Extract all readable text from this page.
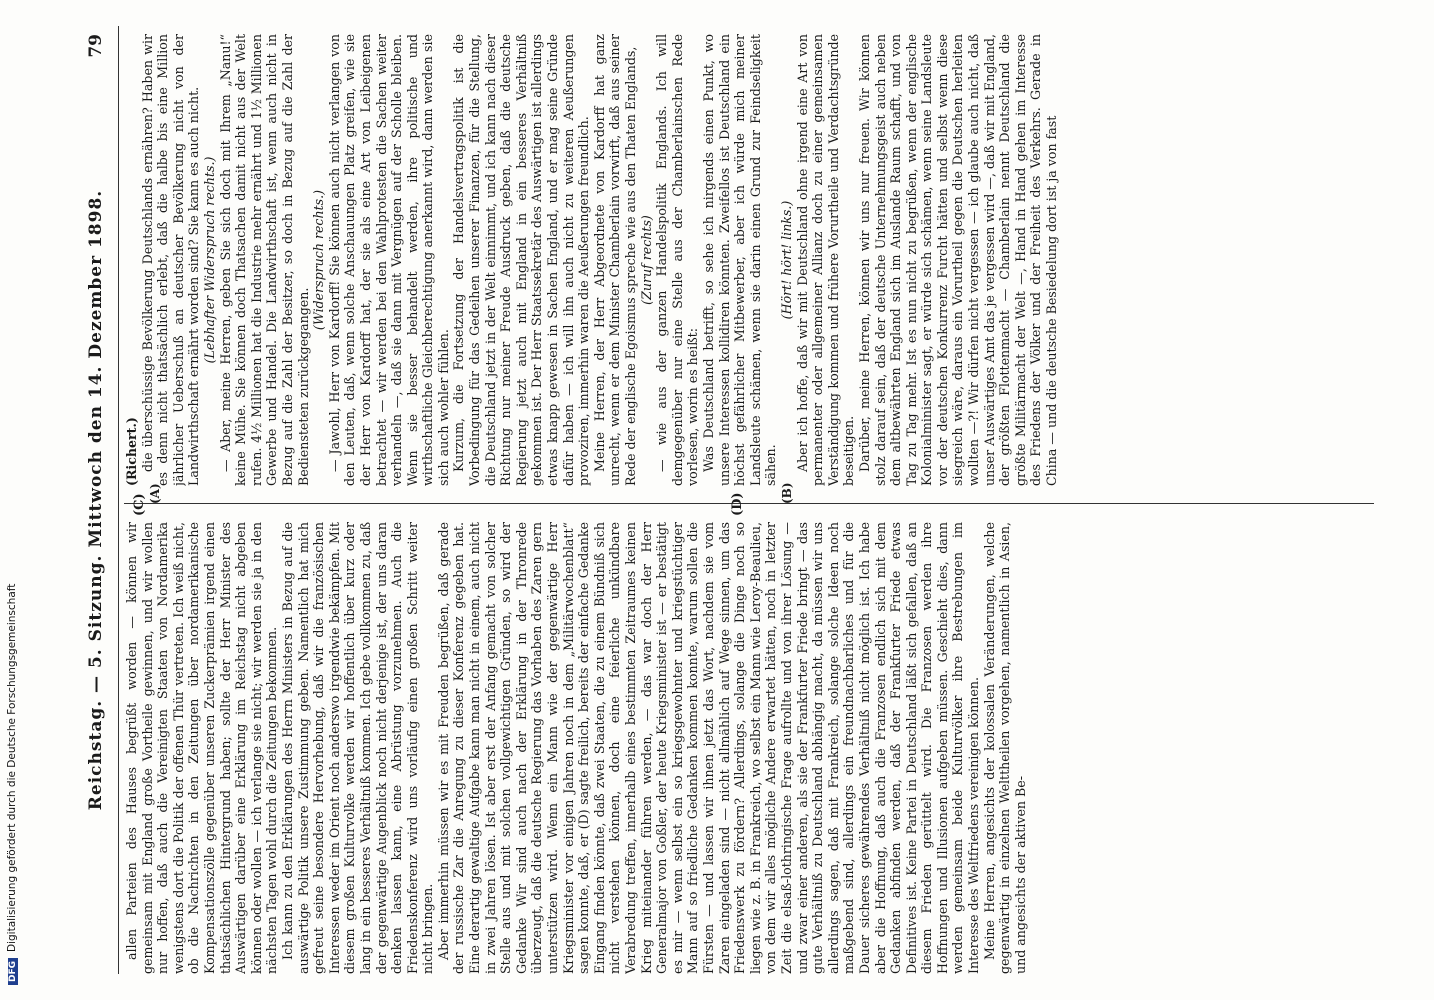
Reichstag. — 5. Sitzung. Mittwoch den 14. Dezember 1898.
79
(C)	(D)

allen Parteien des Hauses begrüßt worden — können wir gemeinsam mit England große Vortheile gewinnen, und wir wollen nur hoffen, daß auch die Vereinigten Staaten von Nordamerika wenigstens dort die Politik der offenen Thür vertreten. Ich weiß nicht, ob die Nachrichten in den Zeitungen über nordamerikanische Kompensationszölle gegenüber unseren Zuckerprämien irgend einen thatsächlichen Hintergrund haben; sollte der Herr Minister des Auswärtigen darüber eine Erklärung im Reichstag nicht abgeben können oder wollen — ich verlange sie nicht; wir werden sie ja in den nächsten Tagen wohl durch die Zeitungen bekommen. Ich kann zu den Erklärungen des Herrn Ministers in Bezug auf die auswärtige Politik unsere Zustimmung geben. Namentlich hat mich gefreut seine besondere Hervorhebung, daß wir die französischen Interessen weder im Orient noch anderswo irgendwie bekämpfen. Mit diesem großen Kulturvolke werden wir hoffentlich über kurz oder lang in ein besseres Verhältniß kommen. Ich gebe vollkommen zu, daß der gegenwärtige Augenblick noch nicht derjenige ist, der uns daran denken lassen kann, eine Abrüstung vorzunehmen. Auch die Friedenskonferenz wird uns vorläufig einen großen Schritt weiter nicht bringen. Aber immerhin müssen wir es mit Freuden begrüßen, daß gerade der russische Zar die Anregung zu dieser Konferenz gegeben hat. Eine derartig gewaltige Aufgabe kann man nicht in einem, auch nicht in zwei Jahren lösen. Ist aber erst der Anfang gemacht von solcher Stelle aus und mit solchen vollgewichtigen Gründen, so wird der Gedanke Wir sind auch nach der Erklärung in der Thronrede überzeugt, daß die deutsche Regierung das Vorhaben des Zaren gern unterstützen wird. Wenn ein Mann wie der gegenwärtige Herr Kriegsminister vor einigen Jahren noch in dem „Militärwochenblatt“ sagen konnte, daß, er (D) sagte freilich, bereits der einfache Gedanke Eingang finden könnte, daß zwei Staaten, die zu einem Bündniß sich nicht verstehen können, doch eine feierliche unkündbare Verabredung treffen, innerhalb eines bestimmten Zeitraumes keinen Krieg miteinander führen werden, — das war doch der Herr Generalmajor von Goßler, der heute Kriegsminister ist — er bestätigt es mir — wenn selbst ein so kriegsgewohnter und kriegstüchtiger Mann auf so friedliche Gedanken kommen konnte, warum sollen die Fürsten — und lassen wir ihnen jetzt das Wort, nachdem sie vom Zaren eingeladen sind — nicht allmählich auf Wege sinnen, um das Friedenswerk zu fördern? Allerdings, solange die Dinge noch so liegen wie z. B. in Frankreich, wo selbst ein Mann wie Leroy-Beaulieu, von dem wir alles mögliche Andere erwartet hätten, noch in letzter Zeit die elsaß-lothringische Frage aufrollte und von ihrer Lösung — und zwar einer anderen, als sie der Frankfurter Friede bringt — das gute Verhältniß zu Deutschland abhängig macht, da müssen wir uns allerdings sagen, daß mit Frankreich, solange solche Ideen noch maßgebend sind, allerdings ein freundnachbarliches und für die Dauer sicheres gewährendes Verhältniß nicht möglich ist. Ich habe aber die Hoffnung, daß auch die Franzosen endlich sich mit dem Gedanken abfinden werden, daß der Frankfurter Friede etwas Definitives ist. Keine Partei in Deutschland läßt sich gefallen, daß an diesem Frieden gerüttelt wird. Die Franzosen werden ihre Hoffnungen und Illusionen aufgeben müssen. Geschieht dies, dann werden gemeinsam beide Kulturvölker ihre Bestrebungen im Interesse des Weltfriedens vereinigen können. Meine Herren, angesichts der kolossalen Veränderungen, welche gegenwärtig in einzelnen Welttheilen vorgehen, namentlich in Asien, und angesichts der aktiven Be-

(Richert.) die überschüssige Bevölkerung Deutschlands ernähren? Haben wir es denn nicht thatsächlich erlebt, daß die halbe bis eine Million jährlicher Ueberschuß an deutscher Bevölkerung nicht von der Landwirthschaft ernährt worden sind? Sie kann es auch nicht. (Lebhafter Widerspruch rechts.) — Aber, meine Herren, geben Sie sich doch mit Ihrem „Nanu!“ keine Mühe. Sie können doch Thatsachen damit nicht aus der Welt rufen. 4½ Millionen hat die Industrie mehr ernährt und 1½ Millionen Gewerbe und Handel. Die Landwirthschaft ist, wenn auch nicht in Bezug auf die Zahl der Besitzer, so doch in Bezug auf die Zahl der Bediensteten zurückgegangen.

(Widerspruch rechts.) — Jawohl, Herr von Kardorff! Sie können auch nicht verlangen von den Leuten, daß, wenn solche Anschauungen Platz greifen, wie sie der Herr von Kardorff hat, der sie als eine Art von Leibeigenen betrachtet — wir werden bei den Wahlprotesten die Sachen weiter verhandeln —, daß sie dann mit Vergnügen auf der Scholle bleiben. Wenn sie besser behandelt werden, ihre politische und wirthschaftliche Gleichberechtigung anerkannt wird, dann werden sie sich auch wohler fühlen. Kurzum, die Fortsetzung der Handelsvertragspolitik ist die Vorbedingung für das Gedeihen unserer Finanzen, für die Stellung, die Deutschland jetzt in der Welt einnimmt, und ich kann nach dieser Richtung nur meiner Freude Ausdruck geben, daß die deutsche Regierung jetzt auch mit England in ein besseres Verhältniß gekommen ist. Der Herr Staatssekretär des Auswärtigen ist allerdings etwas knapp gewesen in Sachen England, und er mag seine Gründe dafür haben — ich will ihn auch nicht zu weiteren Aeußerungen provoziren, immerhin waren die Aeußerungen freundlich. Meine Herren, der Herr Abgeordnete von Kardorff hat ganz unrecht, wenn er dem Minister Chamberlain vorwirft, daß aus seiner Rede der englische Egoismus spreche wie aus den Thaten Englands, (Zuruf rechts) — wie aus der ganzen Handelspolitik Englands. Ich will demgegenüber nur eine Stelle aus der Chamberlainschen Rede vorlesen, worin es heißt: Was Deutschland betrifft, so sehe ich nirgends einen Punkt, wo unsere Interessen kollidiren könnten. Zweifellos ist Deutschland ein höchst gefährlicher Mitbewerber, aber ich würde mich meiner Landsleute schämen, wenn sie darin einen Grund zur Feindseligkeit sähen.

(Hört! hört! links.) Aber ich hoffe, daß wir mit Deutschland ohne irgend eine Art von permanenter oder allgemeiner Allianz doch zu einer gemeinsamen Verständigung kommen und frühere Vorurtheile und Verdachtsgründe beseitigen. Darüber, meine Herren, können wir uns nur freuen. Wir können stolz darauf sein, daß der deutsche Unternehmungsgeist auch neben dem altbewährten England sich im Auslande Raum schafft, und von Tag zu Tag mehr. Ist es nun nicht zu begrüßen, wenn der englische Kolonialminister sagt, er würde sich schämen, wenn seine Landsleute vor der deutschen Konkurrenz Furcht hätten und selbst wenn diese siegreich wäre, daraus ein Vorurtheil gegen die Deutschen herleiten wollten —?! Wir dürfen nicht vergessen — ich glaube auch nicht, daß unser Auswärtiges Amt das je vergessen wird —, daß wir mit England, der größten Flottenmacht — Chamberlain nennt Deutschland die größte Militärmacht der Welt —, Hand in Hand gehen im Interesse des Friedens der Völker und der Freiheit des Verkehrs. Gerade in China — und die deutsche Besiedelung dort ist ja von fast

(A)	(B)
DFGDigitalisierung gefördert durch die Deutsche Forschungsgemeinschaft
